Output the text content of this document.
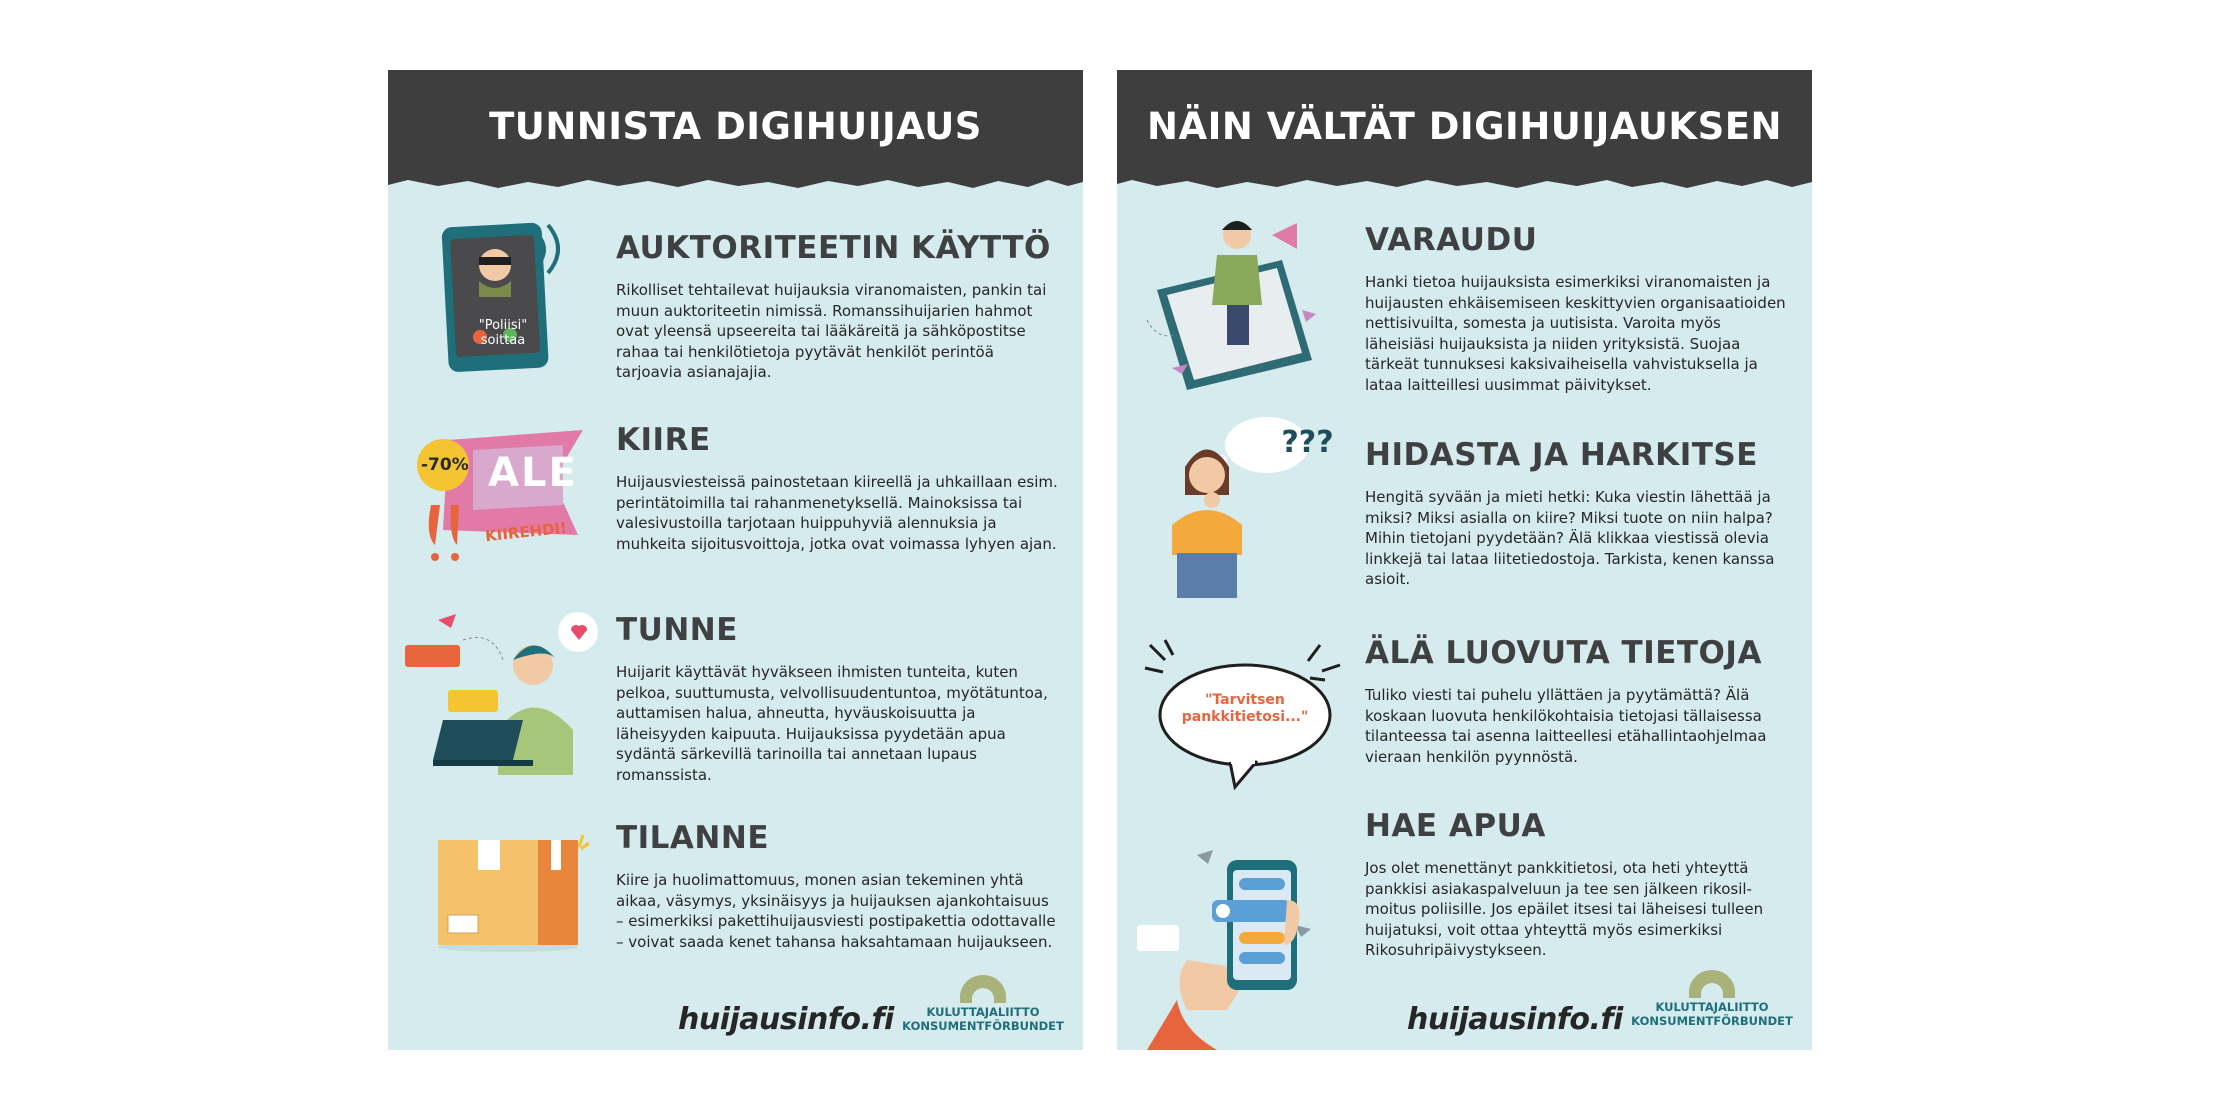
TUNNISTA DIGIHUIJAUS
"Poliisi" soittaa
-70% ALE
KIIREHDI!
AUKTORITEETIN KÄYTTÖ

Rikolliset tehtailevat huijauksia viranomaisten, pankin tai muun auktoriteetin nimissä. Romanssihuijarien hahmot ovat yleensä upseereita tai lääkäreitä ja sähköpostitse rahaa tai henkilötietoja pyytävät henkilöt perintöä tarjoavia asianajajia.

KIIRE

Huijausviesteissä painostetaan kiireellä ja uhkaillaan esim. perintätoimilla tai rahanmenetyksellä. Mainoksissa tai valesivustoilla tarjotaan huippuhyviä alennuksia ja muhkeita sijoitusvoittoja, jotka ovat voimassa lyhyen ajan.

TUNNE

Huijarit käyttävät hyväkseen ihmisten tunteita, kuten pelkoa, suuttumusta, velvollisuudentuntoa, myötätuntoa, auttamisen halua, ahneutta, hyväuskoisuutta ja läheisyyden kaipuuta. Huijauksissa pyydetään apua sydäntä särkevillä tarinoilla tai annetaan lupaus romanssista.

TILANNE

Kiire ja huolimattomuus, monen asian tekeminen yhtä aikaa, väsymys, yksinäisyys ja huijauksen ajankohtaisuus – esimerkiksi pakettihuijausviesti postipakettia odottavalle – voivat saada kenet tahansa haksahtamaan huijaukseen.

huijausinfo.fi	KULUTTAJALIITTO
KONSUMENTFÖRBUNDET
NÄIN VÄLTÄT DIGIHUIJAUKSEN
???
"Tarvitsen pankkitietosi..."
VARAUDU

Hanki tietoa huijauksista esimerkiksi viranomaisten ja huijausten ehkäisemiseen keskittyvien organisaatioiden nettisivuilta, somesta ja uutisista. Varoita myös läheisiäsi huijauksista ja niiden yrityksistä. Suojaa tärkeät tunnuksesi kaksivaiheisella vahvistuksella ja lataa laitteillesi uusimmat päivitykset.

HIDASTA JA HARKITSE

Hengitä syvään ja mieti hetki: Kuka viestin lähettää ja miksi? Miksi asialla on kiire? Miksi tuote on niin halpa? Mihin tietojani pyydetään? Älä klikkaa viestissä olevia linkkejä tai lataa liitetiedostoja. Tarkista, kenen kanssa asioit.

ÄLÄ LUOVUTA TIETOJA

Tuliko viesti tai puhelu yllättäen ja pyytämättä? Älä koskaan luovuta henkilökohtaisia tietojasi tällaisessa tilanteessa tai asenna laitteellesi etähallintaohjelmaa vieraan henkilön pyynnöstä.

HAE APUA

Jos olet menettänyt pankkitietosi, ota heti yhteyttä pankkisi asiakaspalveluun ja tee sen jälkeen rikosilmoitus poliisille. Jos epäilet itsesi tai läheisesi tulleen huijatuksi, voit ottaa yhteyttä myös esimerkiksi Rikosuhripäivystykseen.

huijausinfo.fi	KULUTTAJALIITTO
KONSUMENTFÖRBUNDET
